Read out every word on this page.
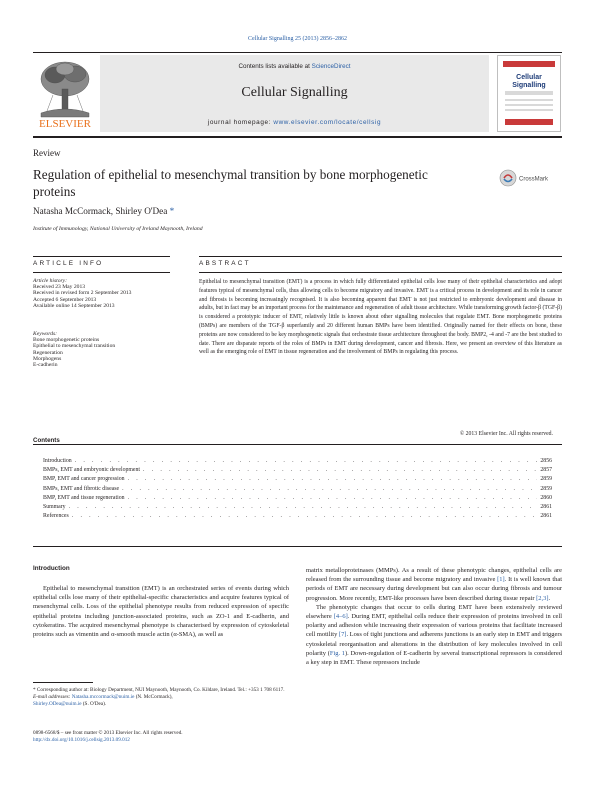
Cellular Signalling 25 (2013) 2856–2862
ELSEVIER
Contents lists available at ScienceDirect
Cellular Signalling
journal homepage: www.elsevier.com/locate/cellsig
Cellular
Signalling
Review
Regulation of epithelial to mesenchymal transition by bone morphogenetic proteins
CrossMark
Natasha McCormack, Shirley O'Dea *
Institute of Immunology, National University of Ireland Maynooth, Ireland
ARTICLE INFO	ABSTRACT
Article history:
Received 23 May 2013
Received in revised form 2 September 2013
Accepted 6 September 2013
Available online 14 September 2013
Keywords:
Bone morphogenetic proteins
Epithelial to mesenchymal transition
Regeneration
Morphogens
E-cadherin
Epithelial to mesenchymal transition (EMT) is a process in which fully differentiated epithelial cells lose many of their epithelial characteristics and adopt features typical of mesenchymal cells, thus allowing cells to become migratory and invasive. EMT is a critical process in development and its role in cancer and fibrosis is becoming increasingly recognised. It is also becoming apparent that EMT is not just restricted to embryonic development and disease in adults, but in fact may be an important process for the maintenance and regeneration of adult tissue architecture. While transforming growth factor-β (TGF-β) is considered a prototypic inducer of EMT, relatively little is known about other signalling molecules that regulate EMT. Bone morphogenetic proteins (BMPs) are members of the TGF-β superfamily and 20 different human BMPs have been identified. Originally named for their effects on bone, these proteins are now considered to be key morphogenetic signals that orchestrate tissue architecture throughout the body. BMP2, -4 and -7 are the best studied to date. There are disparate reports of the roles of BMPs in EMT during development, cancer and fibrosis. Here, we present an overview of this literature as well as the emerging role of EMT in tissue regeneration and the involvement of BMPs in regulating this process.
© 2013 Elsevier Inc. All rights reserved.
Contents
Introduction . . .	2856
BMPs, EMT and embryonic development . . .	2857
BMP, EMT and cancer progression . . .	2859
BMPs, EMT and fibrotic disease . . .	2859
BMP, EMT and tissue regeneration . . .	2860
Summary . . .	2861
References . . .	2861
Introduction

Epithelial to mesenchymal transition (EMT) is an orchestrated series of events during which epithelial cells lose many of their epithelial-specific characteristics and acquire features typical of mesenchymal cells. Loss of the epithelial phenotype results from reduced expression of specific epithelial proteins including junction-associated proteins, such as ZO-1 and E-cadherin, and cytokeratins. The acquired mesenchymal phenotype is characterised by expression of cytoskeletal proteins such as vimentin and α-smooth muscle actin (α-SMA), as well as

matrix metalloproteinases (MMPs). As a result of these phenotypic changes, epithelial cells are released from the surrounding tissue and become migratory and invasive [1]. It is well known that periods of EMT are necessary during development but can also occur during fibrosis and tumour progression. More recently, EMT-like processes have been described during tissue repair [2,3].

The phenotypic changes that occur to cells during EMT have been extensively reviewed elsewhere [4–6]. During EMT, epithelial cells reduce their expression of proteins involved in cell polarity and adhesion while increasing their expression of various proteins that facilitate increased cell motility [7]. Loss of tight junctions and adherens junctions is an early step in EMT and triggers cytoskeletal reorganisation and alterations in the distribution of key molecules involved in cell polarity (Fig. 1). Down-regulation of E-cadherin by several transcriptional repressors is considered a key step in EMT. These repressors include

* Corresponding author at: Biology Department, NUI Maynooth, Maynooth, Co. Kildare, Ireland. Tel.: +353 1 708 6117.
E-mail addresses: Natasha.mccormack@nuim.ie (N. McCormack),
Shirley.ODea@nuim.ie (S. O'Dea).
0898-6568/$ – see front matter © 2013 Elsevier Inc. All rights reserved.
http://dx.doi.org/10.1016/j.cellsig.2013.09.012
